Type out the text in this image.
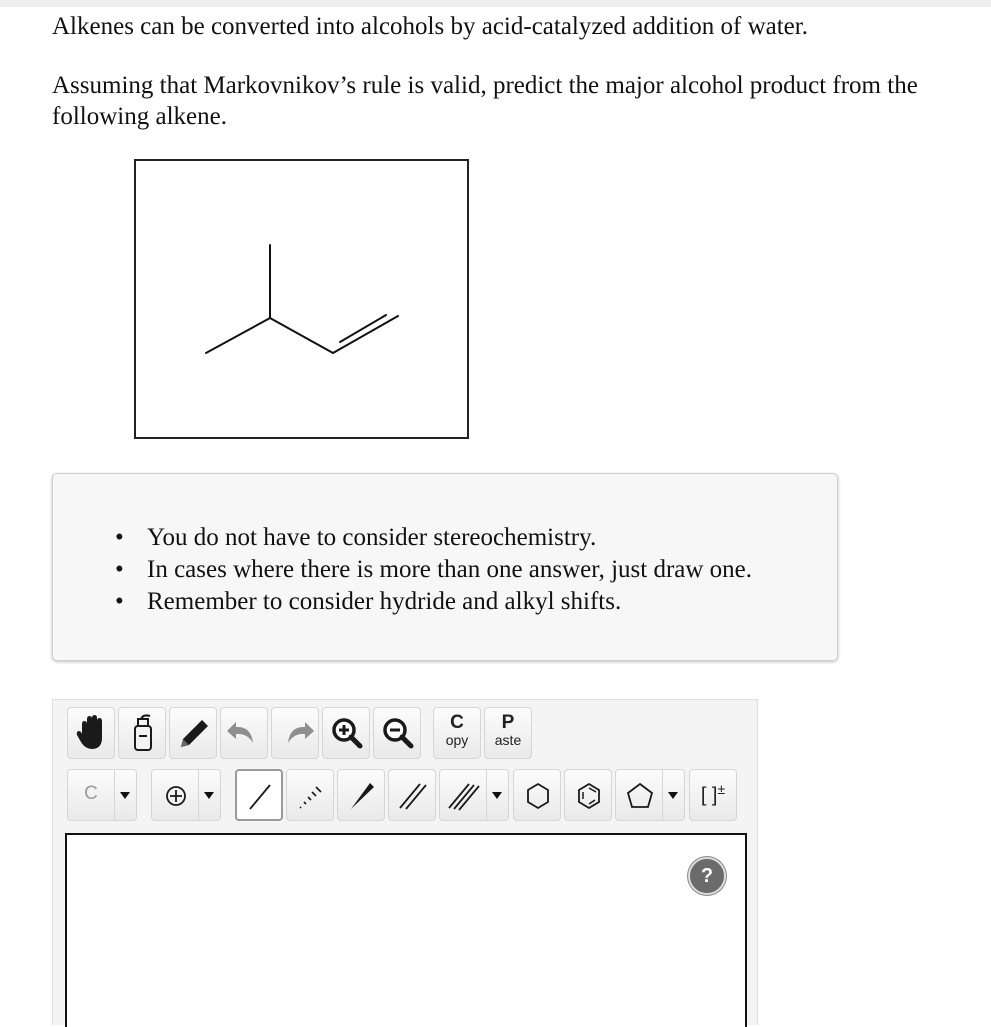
Alkenes can be converted into alcohols by acid-catalyzed addition of water.

Assuming that Markovnikov’s rule is valid, predict the major alcohol product from the following alkene.

• You do not have to consider stereochemistry.
• In cases where there is more than one answer, just draw one.
• Remember to consider hydride and alkyl shifts.
C
opy
P
aste
C	[ ]±
?
